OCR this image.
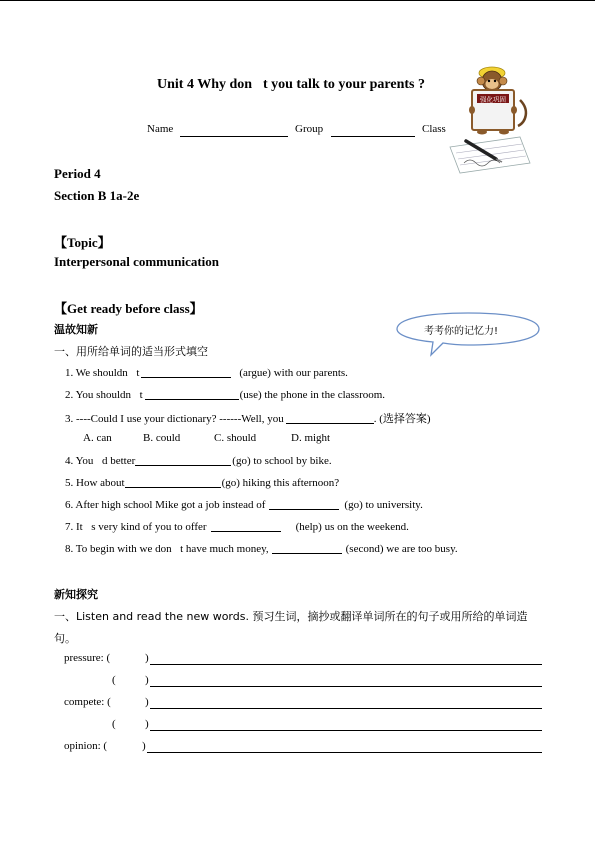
Unit 4 Why don t you talk to your parents ?
强化巩固
Name	Group	Class
Period 4
Section B 1a-2e
【Topic】
Interpersonal communication
【Get ready before class】
温故知新	考考你的记忆力!
一、用所给单词的适当形式填空
1. We shouldn t	(argue) with our parents.
2. You shouldn t	(use) the phone in the classroom.
3. ----Could I use your dictionary? ------Well, you	. (选择答案)
A. can	B. could	C. should	D. might
4. You d better	(go) to school by bike.
5. How about	(go) hiking this afternoon?
6. After high school Mike got a job instead of	(go) to university.
7. It s very kind of you to offer	(help) us on the weekend.
8. To begin with we don t have much money,	(second) we are too busy.
新知探究
一、Listen and read the new words. 预习生词，摘抄或翻译单词所在的句子或用所给的单词造
句。
pressure: (	)
(	)
compete: (	)
(	)
opinion: (	)
